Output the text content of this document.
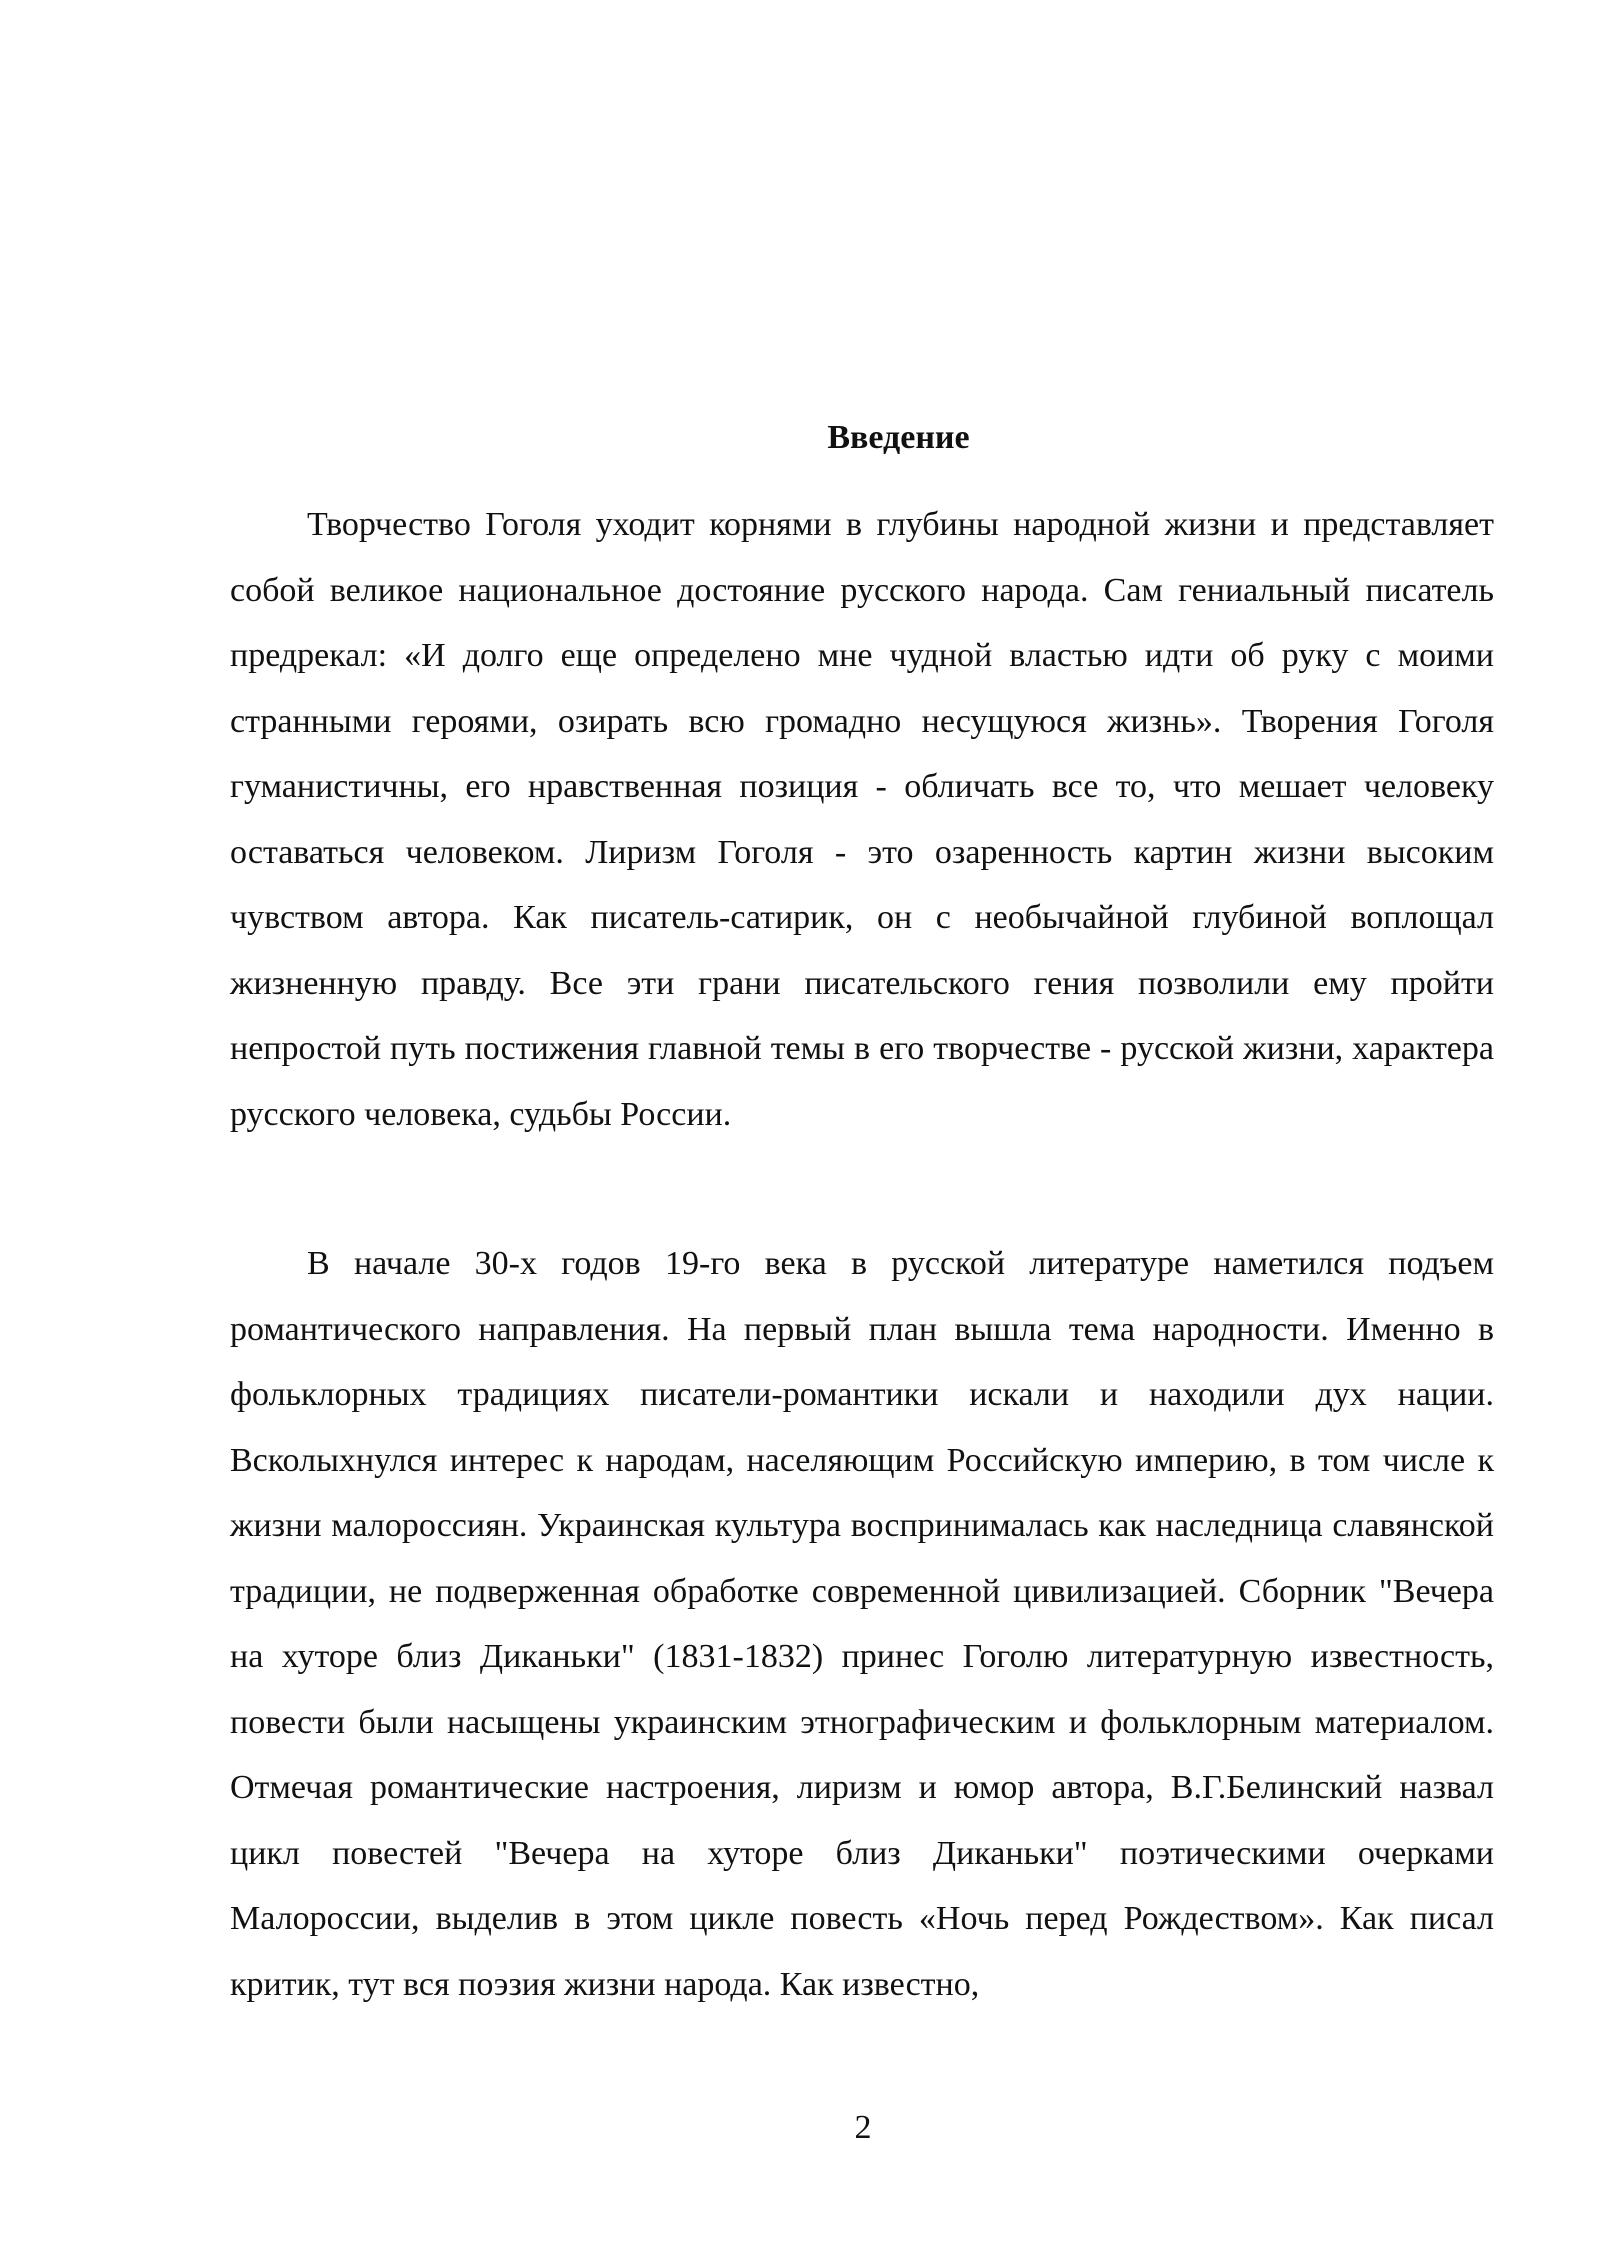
Введение

Творчество Гоголя уходит корнями в глубины народной жизни и представляет собой великое национальное достояние русского народа. Сам гениальный писатель предрекал: «И долго еще определено мне чудной властью идти об руку с моими странными героями, озирать всю громадно несущуюся жизнь». Творения Гоголя гуманистичны, его нравственная позиция - обличать все то, что мешает человеку оставаться человеком. Лиризм Гоголя - это озаренность картин жизни высоким чувством автора. Как писатель-сатирик, он с необычайной глубиной воплощал жизненную правду. Все эти грани писательского гения позволили ему пройти непростой путь постижения главной темы в его творчестве - русской жизни, характера русского человека, судьбы России.

В начале 30-х годов 19-го века в русской литературе наметился подъем романтического направления. На первый план вышла тема народности. Именно в фольклорных традициях писатели-романтики искали и находили дух нации. Всколыхнулся интерес к народам, населяющим Российскую империю, в том числе к жизни малороссиян. Украинская культура воспринималась как наследница славянской традиции, не подверженная обработке современной цивилизацией. Сборник "Вечера на хуторе близ Диканьки" (1831-1832) принес Гоголю литературную известность, повести были насыщены украинским этнографическим и фольклорным материалом. Отмечая романтические настроения, лиризм и юмор автора, В.Г.Белинский назвал цикл повестей "Вечера на хуторе близ Диканьки" поэтическими очерками Малороссии, выделив в этом цикле повесть «Ночь перед Рождеством». Как писал критик, тут вся поэзия жизни народа. Как известно,

2
